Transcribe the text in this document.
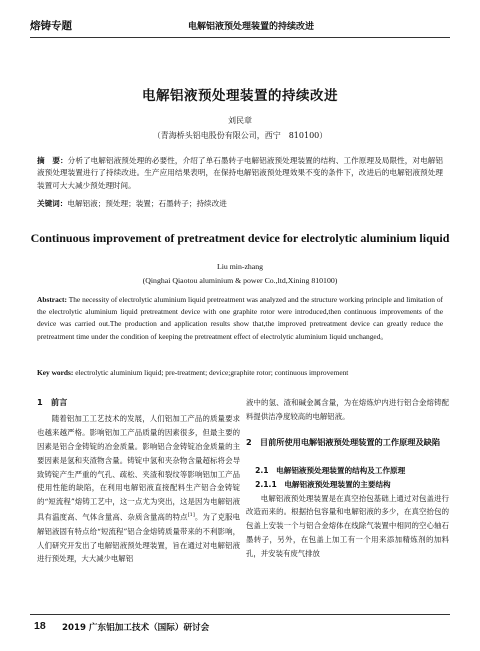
熔铸专题	电解铝液预处理装置的持续改进
电解铝液预处理装置的持续改进
刘民章
（青海桥头铝电股份有限公司，西宁　810100）
摘　要：分析了电解铝液预处理的必要性，介绍了单石墨转子电解铝液预处理装置的结构、工作原理及局限性，对电解铝液预处理装置进行了持续改进。生产应用结果表明，在保持电解铝液预处理效果不变的条件下，改进后的电解铝液预处理装置可大大减少预处理时间。
关键词：电解铝液；预处理；装置；石墨转子；持续改进
Continuous improvement of pretreatment device for electrolytic aluminium liquid
Liu min-zhang
(Qinghai Qiaotou aluminium & power Co.,ltd,Xining 810100)
Abstract: The necessity of electrolytic aluminium liquid pretreatment was analyzed and the structure working principle and limitation of the electrolytic aluminium liquid pretreatment device with one graphite rotor were introduced,then continuous improvements of the device was carried out.The production and application results show that,the improved pretreatment device can greatly reduce the pretreatment time under the condition of keeping the pretreatment effect of electrolytic aluminium liquid unchanged。
Key words: electrolytic aluminium liquid; pre-treatment; device;graphite rotor; continuous improvement
1　前言
随着铝加工工艺技术的发展，人们铝加工产品的质量要求也越来越严格。影响铝加工产品质量的因素很多，但最主要的因素是铝合金铸锭的冶金质量。影响铝合金铸锭冶金质量的主要因素是氢和夹渣物含量。铸锭中氢和夹杂物含量超标将会导致铸锭产生严重的气孔、疏松、夹渣和裂纹等影响铝加工产品使用性能的缺陷，在利用电解铝液直接配料生产铝合金铸锭的“短流程”熔铸工艺中，这一点尤为突出，这是因为电解铝液具有温度高、气体含量高、杂质含量高的特点[1]。为了克服电解铝液固有特点给“短流程”铝合金熔铸质量带来的不利影响，人们研究开发出了电解铝液预处理装置，旨在通过对电解铝液进行预处理，大大减少电解铝
液中的氢、渣和碱金属含量，为在熔炼炉内进行铝合金熔铸配料提供洁净度较高的电解铝液。
2　目前所使用电解铝液预处理装置的工作原理及缺陷
2.1　电解铝液预处理装置的结构及工作原理
2.1.1　电解铝液预处理装置的主要结构
电解铝液预处理装置是在真空抬包基础上通过对包盖进行改造而来的。根据抬包容量和电解铝液的多少，在真空抬包的包盖上安装一个与铝合金熔体在线除气装置中相同的空心轴石墨转子，另外，在包盖上加工有一个用来添加精炼剂的加料孔，并安装有废气排放
18 2019 广东铝加工技术（国际）研讨会
